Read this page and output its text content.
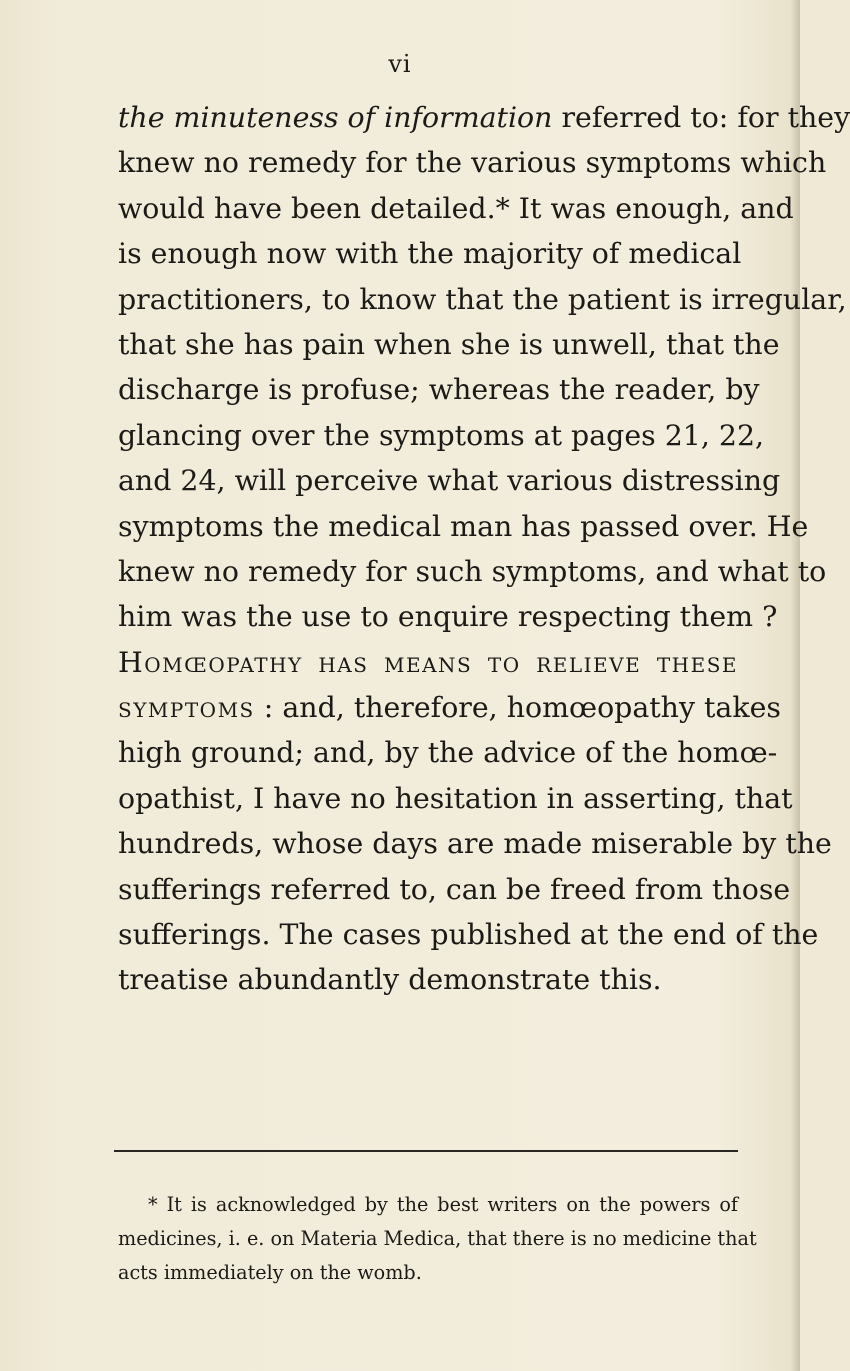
vi
the minuteness of information referred to: for they
knew no remedy for the various symptoms which
would have been detailed.* It was enough, and
is enough now with the majority of medical
practitioners, to know that the patient is irregular,
that she has pain when she is unwell, that the
discharge is profuse; whereas the reader, by
glancing over the symptoms at pages 21, 22,
and 24, will perceive what various distressing
symptoms the medical man has passed over. He
knew no remedy for such symptoms, and what to
him was the use to enquire respecting them ?
Homœopathy has means to relieve these
symptoms : and, therefore, homœopathy takes
high ground; and, by the advice of the homœ-
opathist, I have no hesitation in asserting, that
hundreds, whose days are made miserable by the
sufferings referred to, can be freed from those
sufferings. The cases published at the end of the
treatise abundantly demonstrate this.
* It is acknowledged by the best writers on the powers of
medicines, i. e. on Materia Medica, that there is no medicine that
acts immediately on the womb.
